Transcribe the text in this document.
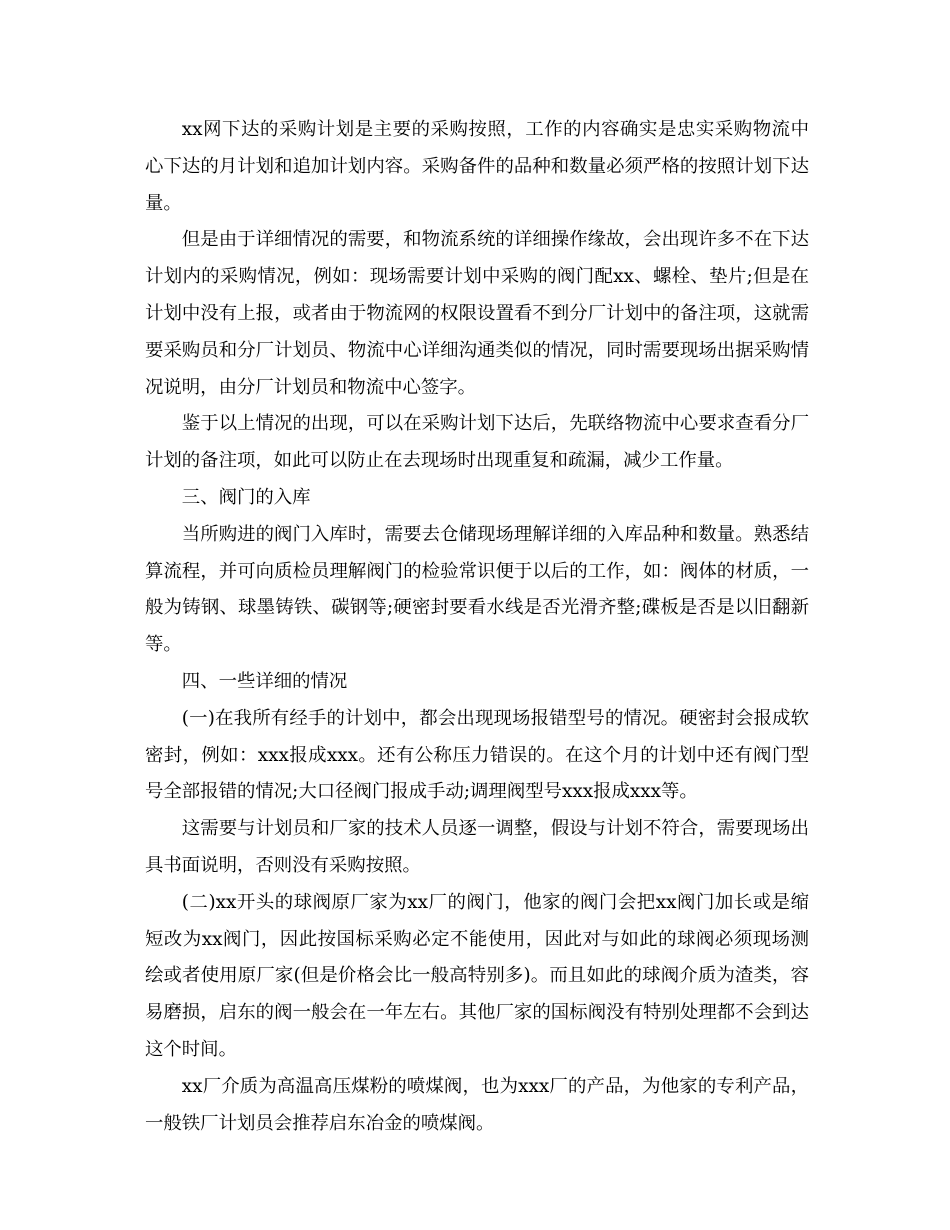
xx网下达的采购计划是主要的采购按照，工作的内容确实是忠实采购物流中心下达的月计划和追加计划内容。采购备件的品种和数量必须严格的按照计划下达量。

但是由于详细情况的需要，和物流系统的详细操作缘故，会出现许多不在下达计划内的采购情况，例如：现场需要计划中采购的阀门配xx、螺栓、垫片;但是在计划中没有上报，或者由于物流网的权限设置看不到分厂计划中的备注项，这就需要采购员和分厂计划员、物流中心详细沟通类似的情况，同时需要现场出据采购情况说明，由分厂计划员和物流中心签字。

鉴于以上情况的出现，可以在采购计划下达后，先联络物流中心要求查看分厂计划的备注项，如此可以防止在去现场时出现重复和疏漏，减少工作量。

三、阀门的入库

当所购进的阀门入库时，需要去仓储现场理解详细的入库品种和数量。熟悉结算流程，并可向质检员理解阀门的检验常识便于以后的工作，如：阀体的材质，一般为铸钢、球墨铸铁、碳钢等;硬密封要看水线是否光滑齐整;碟板是否是以旧翻新等。

四、一些详细的情况

(一)在我所有经手的计划中，都会出现现场报错型号的情况。硬密封会报成软密封，例如：xxx报成xxx。还有公称压力错误的。在这个月的计划中还有阀门型号全部报错的情况;大口径阀门报成手动;调理阀型号xxx报成xxx等。

这需要与计划员和厂家的技术人员逐一调整，假设与计划不符合，需要现场出具书面说明，否则没有采购按照。

(二)xx开头的球阀原厂家为xx厂的阀门，他家的阀门会把xx阀门加长或是缩短改为xx阀门，因此按国标采购必定不能使用，因此对与如此的球阀必须现场测绘或者使用原厂家(但是价格会比一般高特别多)。而且如此的球阀介质为渣类，容易磨损，启东的阀一般会在一年左右。其他厂家的国标阀没有特别处理都不会到达这个时间。

xx厂介质为高温高压煤粉的喷煤阀，也为xxx厂的产品，为他家的专利产品，一般铁厂计划员会推荐启东冶金的喷煤阀。
